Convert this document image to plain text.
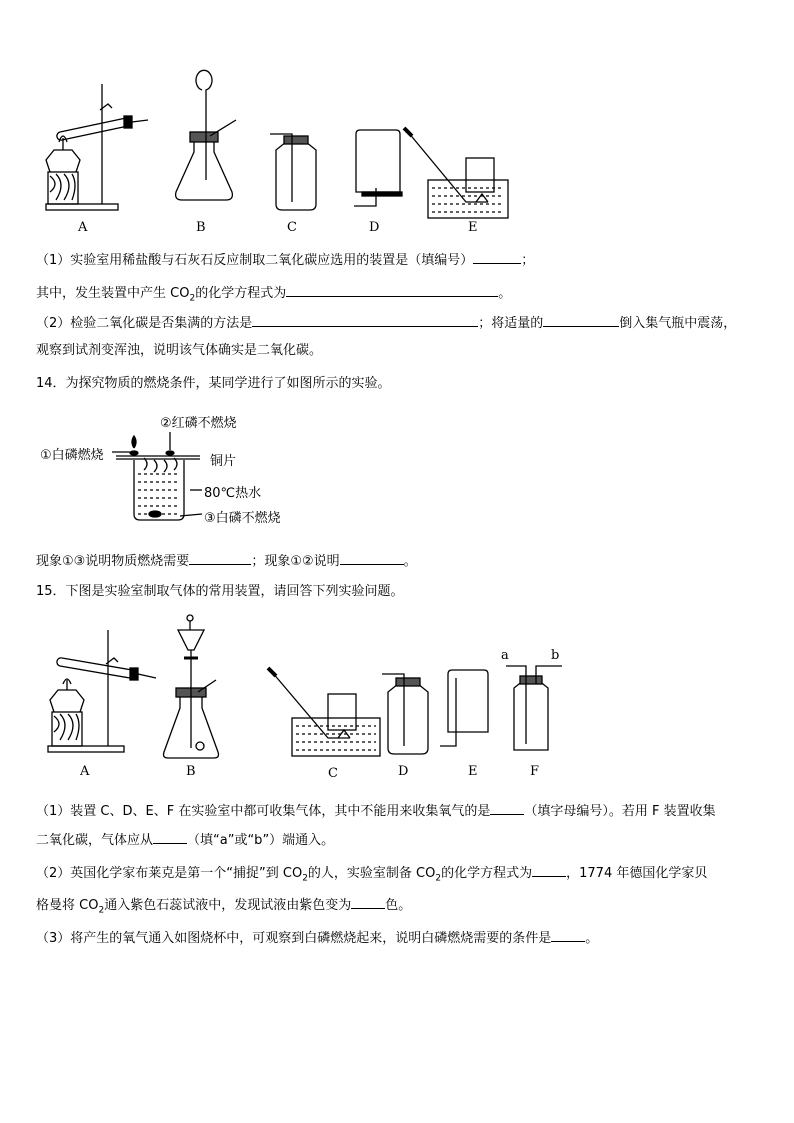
A	B	C	D	E
（1）实验室用稀盐酸与石灰石反应制取二氧化碳应选用的装置是（填编号）	；
其中，发生装置中产生 $CO_2$的化学方程式为	。
（2）检验二氧化碳是否集满的方法是	；将适量的	倒入集气瓶中震荡，
观察到试剂变浑浊，说明该气体确实是二氧化碳。
14．为探究物质的燃烧条件，某同学进行了如图所示的实验。
①白磷燃烧
②红磷不燃烧
铜片
80℃热水
③白磷不燃烧
现象①③说明物质燃烧需要	；现象①②说明	。
15．下图是实验室制取气体的常用装置，请回答下列实验问题。
A	B	C	D	E	F
a	b
（1）装置 C、D、E、F 在实验室中都可收集气体，其中不能用来收集氧气的是	（填字母编号）。若用 F 装置收集
二氧化碳，气体应从	（填“a”或“b”）端通入。
（2）英国化学家布莱克是第一个“捕捉”到 $CO_2$的人，实验室制备 $CO_2$的化学方程式为	，1774 年德国化学家贝
格曼将 $CO_2$通入紫色石蕊试液中，发现试液由紫色变为	色。
（3）将产生的氧气通入如图烧杯中，可观察到白磷燃烧起来，说明白磷燃烧需要的条件是	。
